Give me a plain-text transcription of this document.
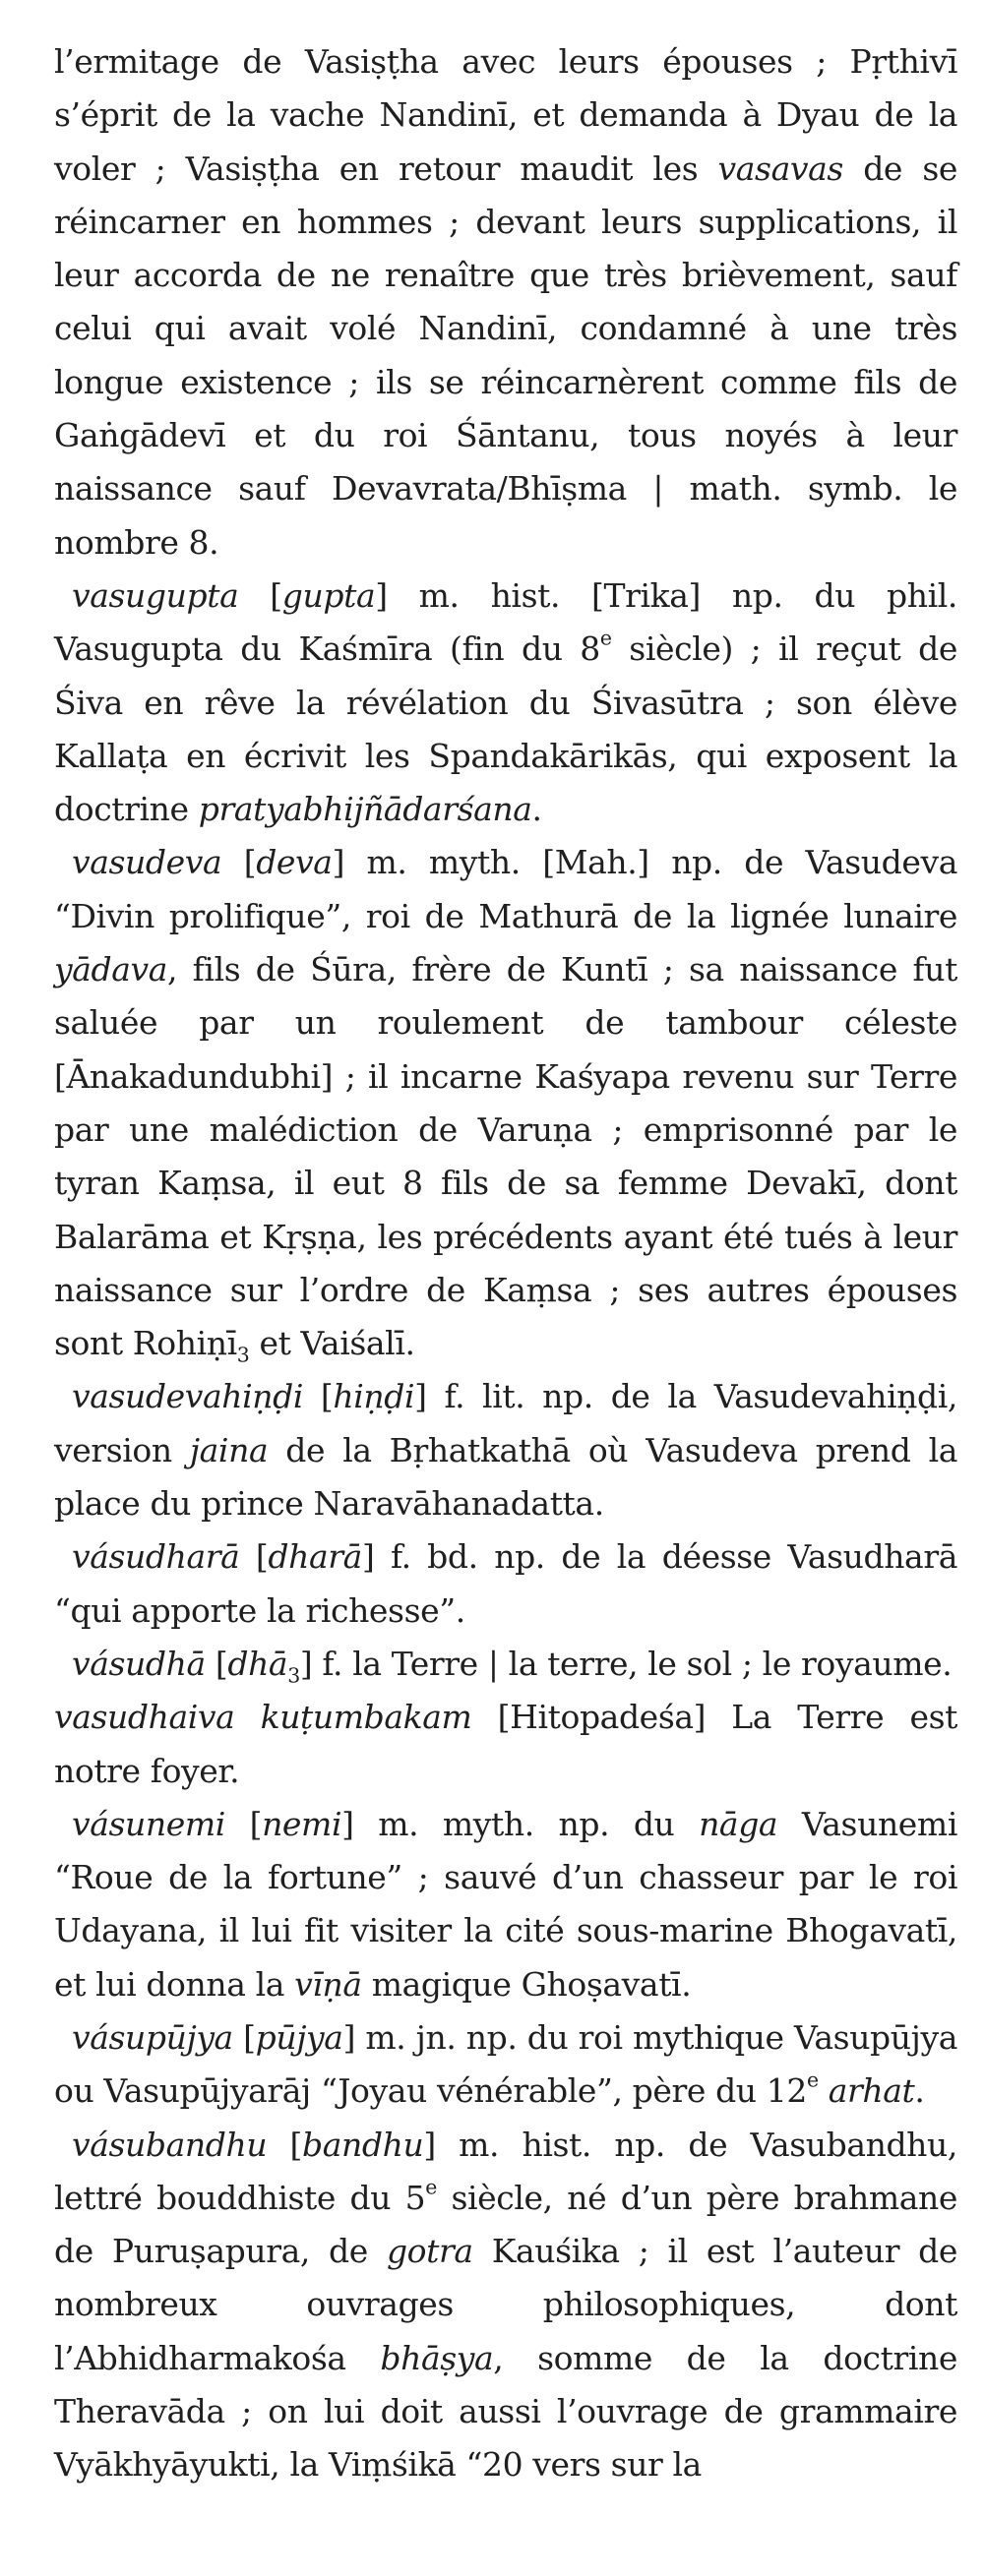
l’ermitage de Vasiṣṭha avec leurs épouses ; Pṛthivī s’éprit de la vache Nandinī, et demanda à Dyau de la voler ; Vasiṣṭha en retour maudit les vasavas de se réincarner en hommes ; devant leurs supplications, il leur accorda de ne renaître que très brièvement, sauf celui qui avait volé Nandinī, condamné à une très longue existence ; ils se réincarnèrent comme fils de Gaṅgādevī et du roi Śāntanu, tous noyés à leur naissance sauf Devavrata/Bhīṣma | math. symb. le nombre 8.

vasugupta [gupta] m. hist. [Trika] np. du phil. Vasugupta du Kaśmīra (fin du 8e siècle) ; il reçut de Śiva en rêve la révélation du Śivasūtra ; son élève Kallaṭa en écrivit les Spandakārikās, qui exposent la doctrine pratyabhijñādarśana.

vasudeva [deva] m. myth. [Mah.] np. de Vasudeva “Divin prolifique”, roi de Mathurā de la lignée lunaire yādava, fils de Śūra, frère de Kuntī ; sa naissance fut saluée par un roulement de tambour céleste [Ānakadundubhi] ; il incarne Kaśyapa revenu sur Terre par une malédiction de Varuṇa ; emprisonné par le tyran Kaṃsa, il eut 8 fils de sa femme Devakī, dont Balarāma et Kṛṣṇa, les précédents ayant été tués à leur naissance sur l’ordre de Kaṃsa ; ses autres épouses sont Rohiṇī$_3$ et Vaiśalī.

vasudevahiṇḍi [hiṇḍi] f. lit. np. de la Vasudevahiṇḍi, version jaina de la Bṛhatkathā où Vasudeva prend la place du prince Naravāhanadatta.

vásudharā [dharā] f. bd. np. de la déesse Vasudharā “qui apporte la richesse”.

vásudhā [dhā$_3$] f. la Terre | la terre, le sol ; le royaume.

vasudhaiva kuṭumbakam [Hitopadeśa] La Terre est notre foyer.

vásunemi [nemi] m. myth. np. du nāga Vasunemi “Roue de la fortune” ; sauvé d’un chasseur par le roi Udayana, il lui fit visiter la cité sous-marine Bhogavatī, et lui donna la vīṇā magique Ghoṣavatī.

vásupūjya [pūjya] m. jn. np. du roi mythique Vasupūjya ou Vasupūjyarāj “Joyau vénérable”, père du 12e arhat.

vásubandhu [bandhu] m. hist. np. de Vasubandhu, lettré bouddhiste du 5e siècle, né d’un père brahmane de Puruṣapura, de gotra Kauśika ; il est l’auteur de nombreux ouvrages philosophiques, dont l’Abhidharmakośa bhāṣya, somme de la doctrine Theravāda ; on lui doit aussi l’ouvrage de grammaire Vyākhyāyukti, la Viṃśikā “20 vers sur la
